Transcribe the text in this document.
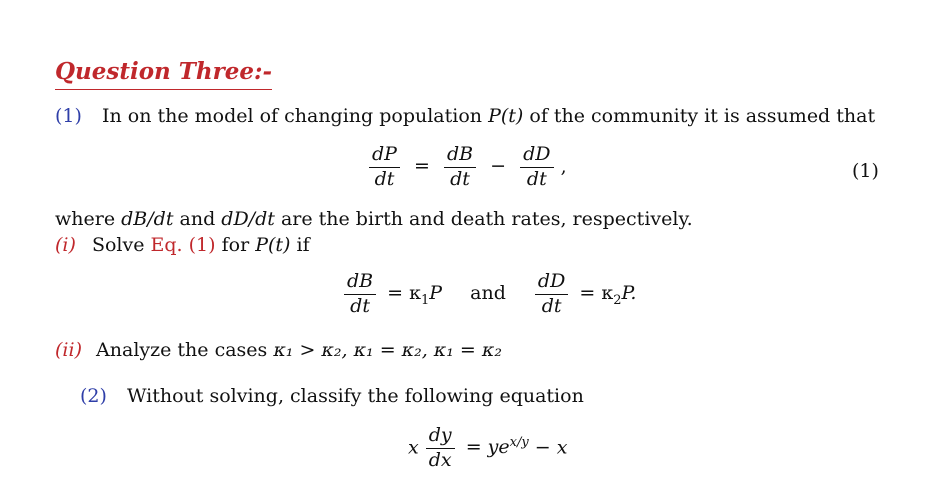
Question Three:-
(1) In on the model of changing population P(t) of the community it is assumed that
$\frac{dP}{dt} = \frac{dB}{dt} - \frac{dD}{dt}$ ,	(1)
where dB/dt and dD/dt are the birth and death rates, respectively.
(i) Solve Eq. (1) for P(t) if
$\frac{dB}{dt} = \kappa_1P$ and $\frac{dD}{dt} = \kappa_2P$.
(ii) Analyze the cases κ₁ > κ₂, κ₁ = κ₂, κ₁ = κ₂
(2) Without solving, classify the following equation
x $\frac{dy}{dx} = ye^{x/y} - x$
